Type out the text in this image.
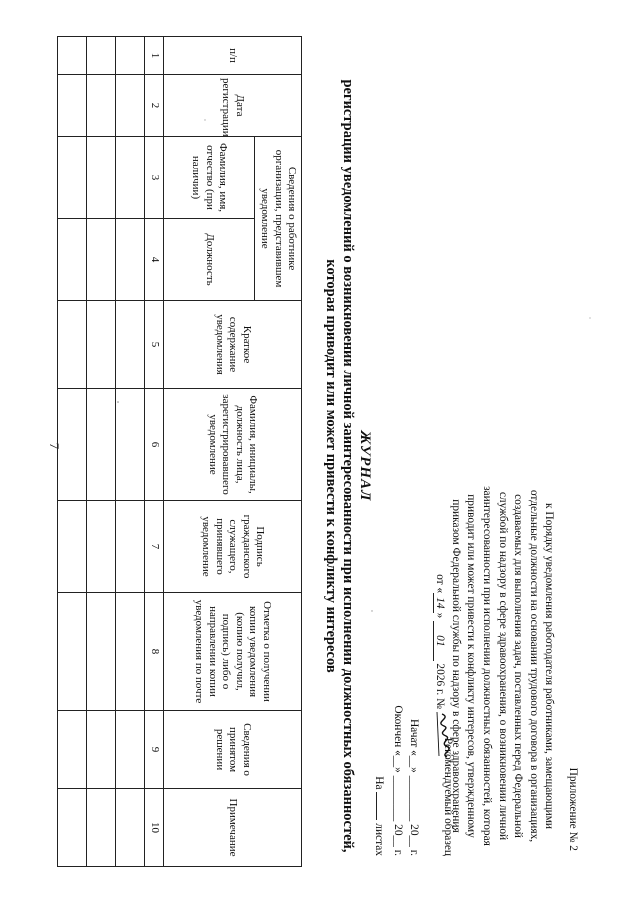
7
Приложение № 2
к Порядку уведомления работодателя работниками, замещающими отдельные должности на основании трудового договора в организациях, создаваемых для выполнения задач, поставленных перед Федеральной службой по надзору в сфере здравоохранения, о возникновении личной заинтересованности при исполнении должностных обязанностей, которая приводит или может привести к конфликту интересов, утвержденному приказом Федеральной службы по надзору в сфере здравоохранения
от «14» 01 2026 г. №
Рекомендуемый образец
Начат «__» ________ 20__ г.
Окончен «__» ________ 20__ г.
На  листах
ЖУРНАЛ
регистрации уведомлений о возникновении личной заинтересованности при исполнении должностных обязанностей, которая приводит или может привести к конфликту интересов
п/п	Дата регистрации	Сведения о работнике организации, представившем уведомление		Краткое содержание уведомления	Фамилия, инициалы, должность лица, зарегистрировавшего уведомление	Подпись гражданского служащего, принявшего уведомление	Отметка о получении копии уведомления (копию получил, подпись) либо о направлении копии уведомления по почте	Сведения о принятом решении	Примечание
		Фамилия, имя, отчество (при наличии)	Должность						
1	2	3	4	5	6	7	8	9	10
